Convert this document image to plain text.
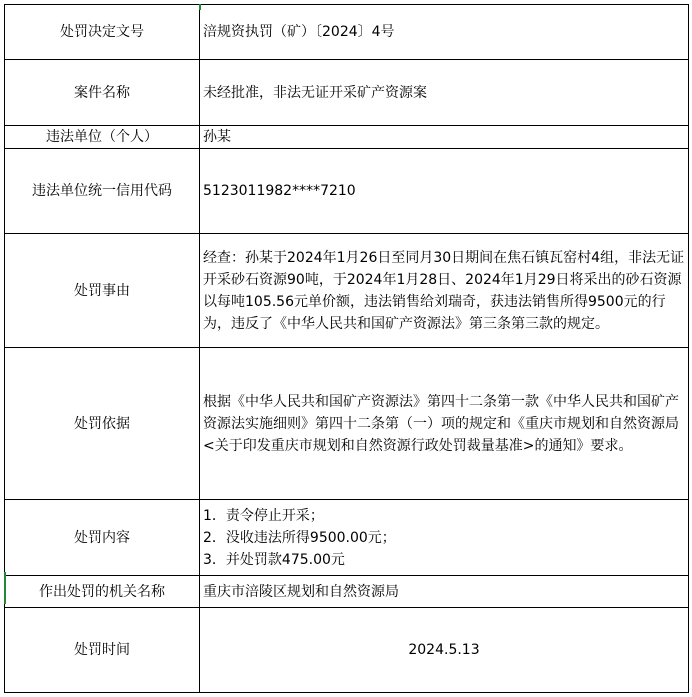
处罚决定文号	涪规资执罚（矿）〔2024〕4号
案件名称	未经批准，非法无证开采矿产资源案
违法单位（个人）	孙某
违法单位统一信用代码	5123011982****7210
处罚事由	经查：孙某于2024年1月26日至同月30日期间在焦石镇瓦窑村4组，非法无证开采砂石资源90吨，于2024年1月28日、2024年1月29日将采出的砂石资源以每吨105.56元单价额，违法销售给刘瑞奇，获违法销售所得9500元的行为，违反了《中华人民共和国矿产资源法》第三条第三款的规定。
处罚依据	根据《中华人民共和国矿产资源法》第四十二条第一款《中华人民共和国矿产资源法实施细则》第四十二条第（一）项的规定和《重庆市规划和自然资源局<关于印发重庆市规划和自然资源行政处罚裁量基准>的通知》要求。
处罚内容	1．责令停止开采；
2．没收违法所得9500.00元；
3．并处罚款475.00元

作出处罚的机关名称	重庆市涪陵区规划和自然资源局
处罚时间	2024.5.13
